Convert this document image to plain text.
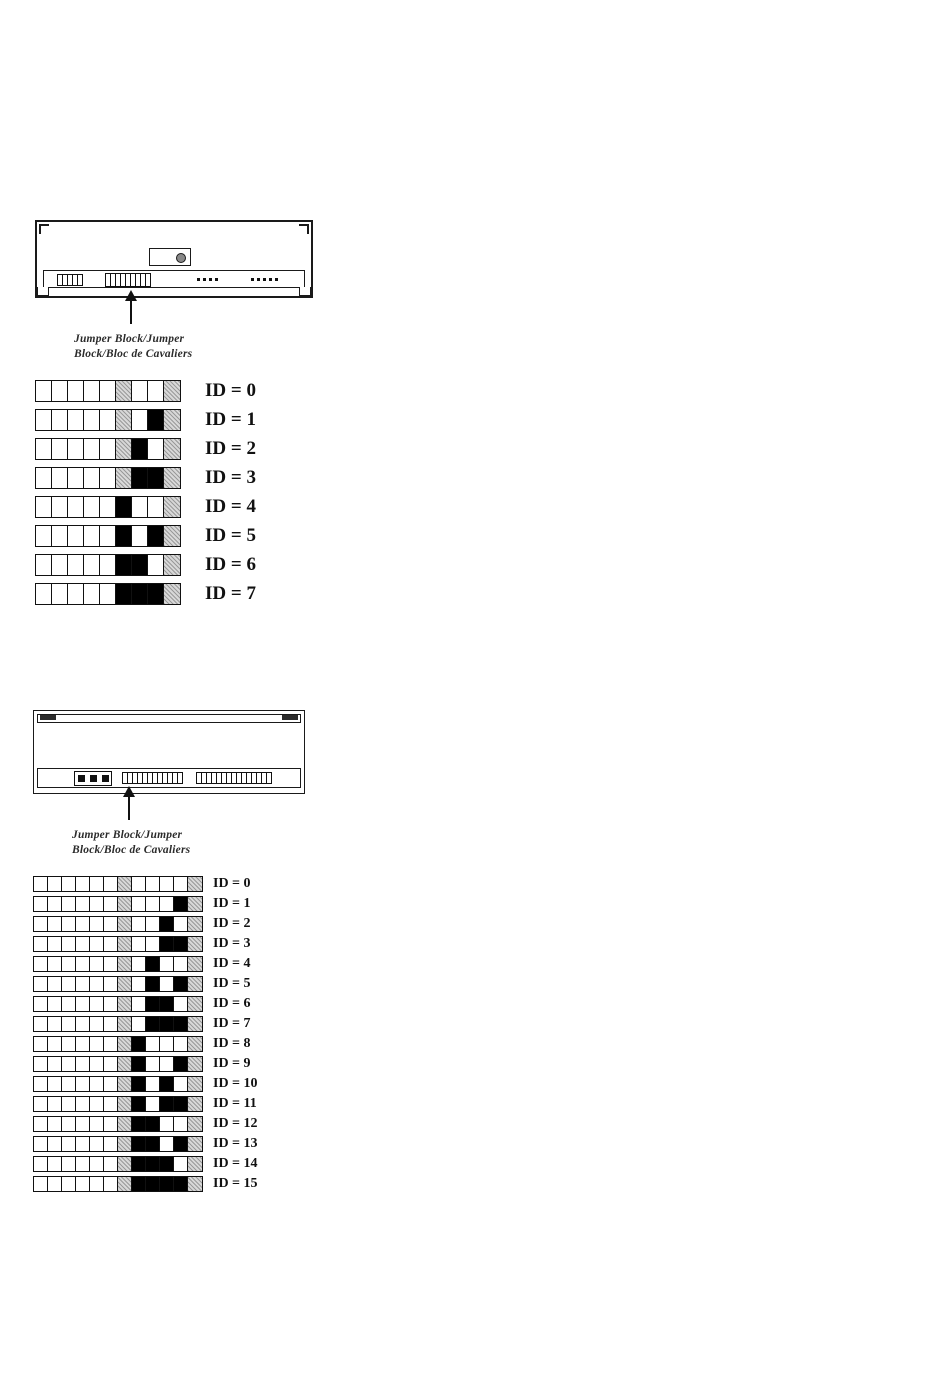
Jumper Block/Jumper
Block/Bloc de Cavaliers
ID = 0
ID = 1
ID = 2
ID = 3
ID = 4
ID = 5
ID = 6
ID = 7
Jumper Block/Jumper
Block/Bloc de Cavaliers
ID = 0
ID = 1
ID = 2
ID = 3
ID = 4
ID = 5
ID = 6
ID = 7
ID = 8
ID = 9
ID = 10
ID = 11
ID = 12
ID = 13
ID = 14
ID = 15
